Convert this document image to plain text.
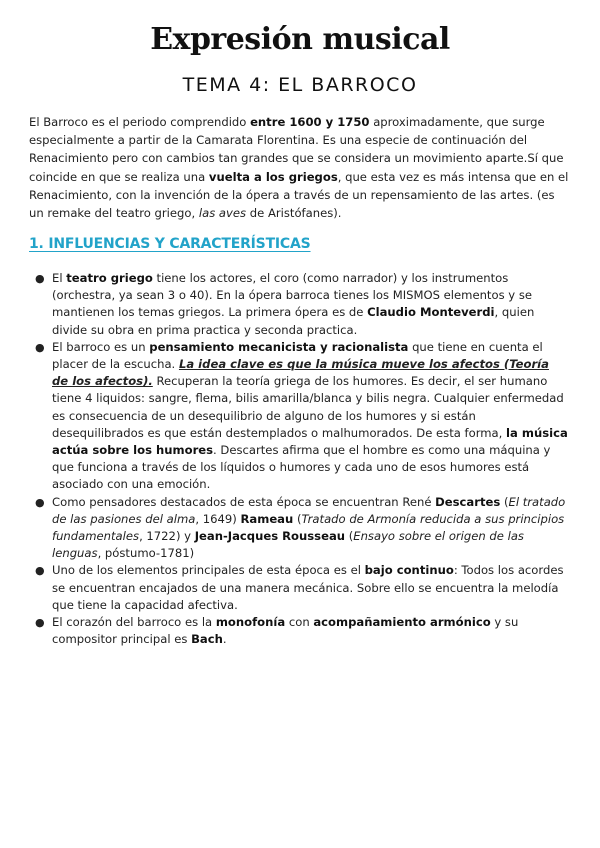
Expresión musical
TEMA 4: EL BARROCO

El Barroco es el periodo comprendido entre 1600 y 1750 aproximadamente, que surge especialmente a partir de la Camarata Florentina. Es una especie de continuación del Renacimiento pero con cambios tan grandes que se considera un movimiento aparte.Sí que coincide en que se realiza una vuelta a los griegos, que esta vez es más intensa que en el Renacimiento, con la invención de la ópera a través de un repensamiento de las artes. (es un remake del teatro griego, las aves de Aristófanes).

1. INFLUENCIAS Y CARACTERÍSTICAS
● El teatro griego tiene los actores, el coro (como narrador) y los instrumentos (orchestra, ya sean 3 o 40). En la ópera barroca tienes los MISMOS elementos y se mantienen los temas griegos. La primera ópera es de Claudio Monteverdi, quien divide su obra en prima practica y seconda practica.
● El barroco es un pensamiento mecanicista y racionalista que tiene en cuenta el placer de la escucha. La idea clave es que la música mueve los afectos (Teoría de los afectos). Recuperan la teoría griega de los humores. Es decir, el ser humano tiene 4 liquidos: sangre, flema, bilis amarilla/blanca y bilis negra. Cualquier enfermedad es consecuencia de un desequilibrio de alguno de los humores y si están desequilibrados es que están destemplados o malhumorados. De esta forma, la música actúa sobre los humores. Descartes afirma que el hombre es como una máquina y que funciona a través de los líquidos o humores y cada uno de esos humores está asociado con una emoción.
● Como pensadores destacados de esta época se encuentran René Descartes (El tratado de las pasiones del alma, 1649) Rameau (Tratado de Armonía reducida a sus principios fundamentales, 1722) y Jean-Jacques Rousseau (Ensayo sobre el origen de las lenguas, póstumo-1781)
● Uno de los elementos principales de esta época es el bajo continuo: Todos los acordes se encuentran encajados de una manera mecánica. Sobre ello se encuentra la melodía que tiene la capacidad afectiva.
● El corazón del barroco es la monofonía con acompañamiento armónico y su compositor principal es Bach.
